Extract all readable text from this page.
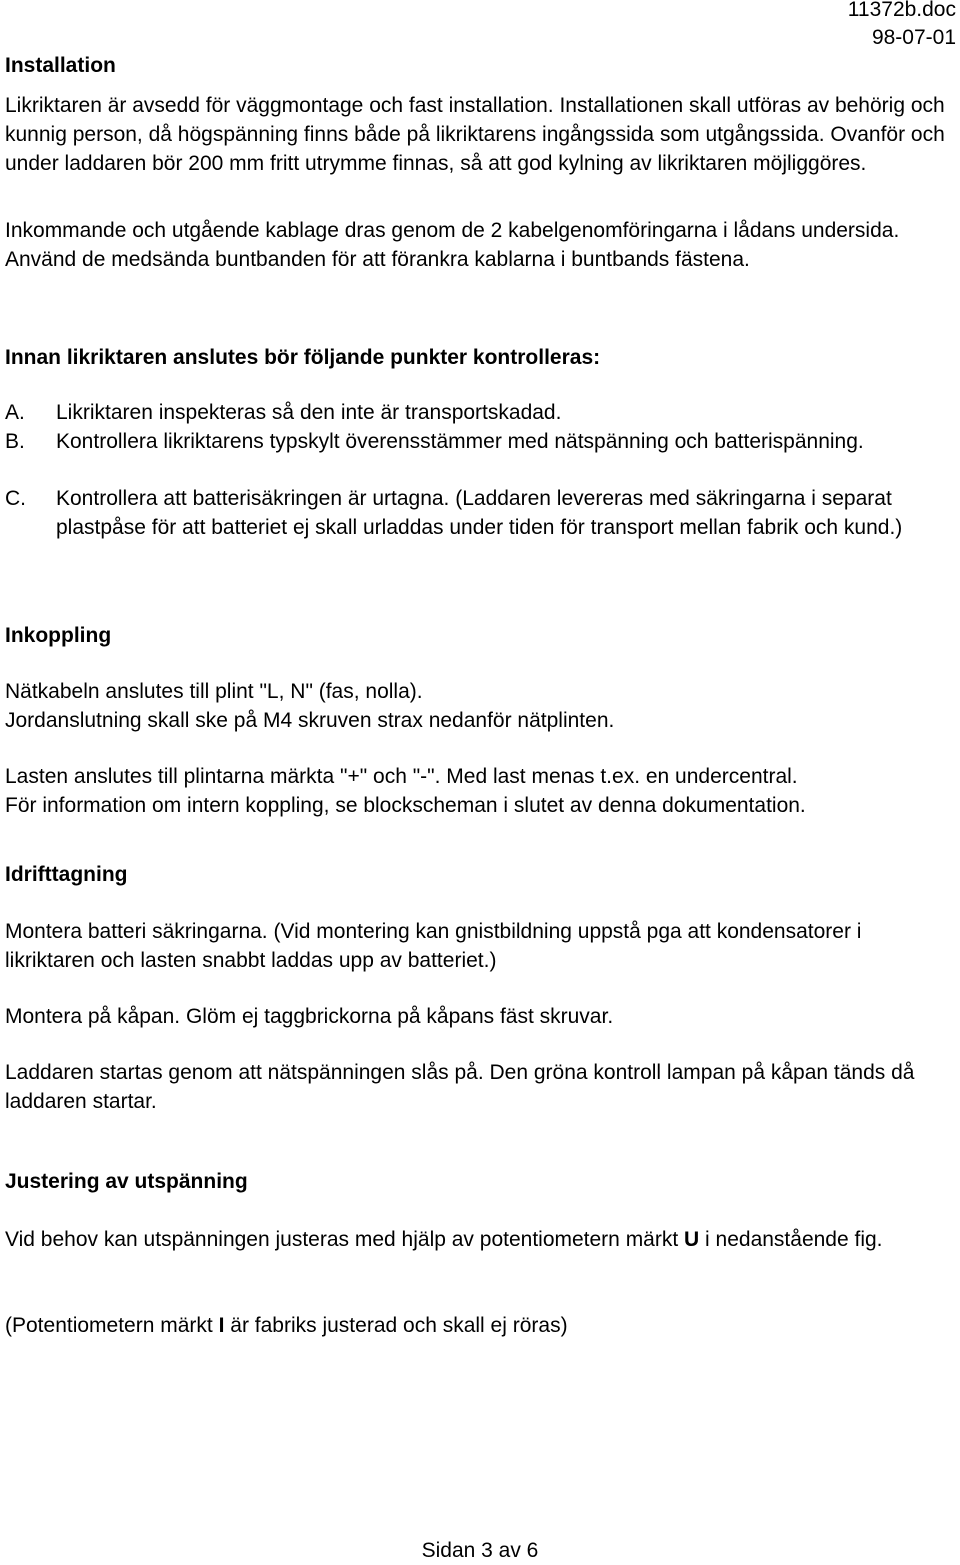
11372b.doc
98-07-01
Installation

Likriktaren är avsedd för väggmontage och fast installation. Installationen skall utföras av behörig och kunnig person, då högspänning finns både på likriktarens ingångssida som utgångssida. Ovanför och under laddaren bör 200 mm fritt utrymme finnas, så att god kylning av likriktaren möjliggöres.

Inkommande och utgående kablage dras genom de 2 kabelgenomföringarna i lådans undersida. Använd de medsända buntbanden för att förankra kablarna i buntbands fästena.

Innan likriktaren anslutes bör följande punkter kontrolleras:

A. Likriktaren inspekteras så den inte är transportskadad.
B. Kontrollera likriktarens typskylt överensstämmer med nätspänning och batterispänning.
C. Kontrollera att batterisäkringen är urtagna. (Laddaren levereras med säkringarna i separat plastpåse för att batteriet ej skall urladdas under tiden för transport mellan fabrik och kund.)
Inkoppling

Nätkabeln anslutes till plint "L, N" (fas, nolla).

Jordanslutning skall ske på M4 skruven strax nedanför nätplinten.

Lasten anslutes till plintarna märkta "+" och "-". Med last menas t.ex. en undercentral.

För information om intern koppling, se blockscheman i slutet av denna dokumentation.

Idrifttagning

Montera batteri säkringarna. (Vid montering kan gnistbildning uppstå pga att kondensatorer i likriktaren och lasten snabbt laddas upp av batteriet.)

Montera på kåpan. Glöm ej taggbrickorna på kåpans fäst skruvar.

Laddaren startas genom att nätspänningen slås på. Den gröna kontroll lampan på kåpan tänds då laddaren startar.

Justering av utspänning

Vid behov kan utspänningen justeras med hjälp av potentiometern märkt U i nedanstående fig.

(Potentiometern märkt I är fabriks justerad och skall ej röras)

Sidan 3 av 6
